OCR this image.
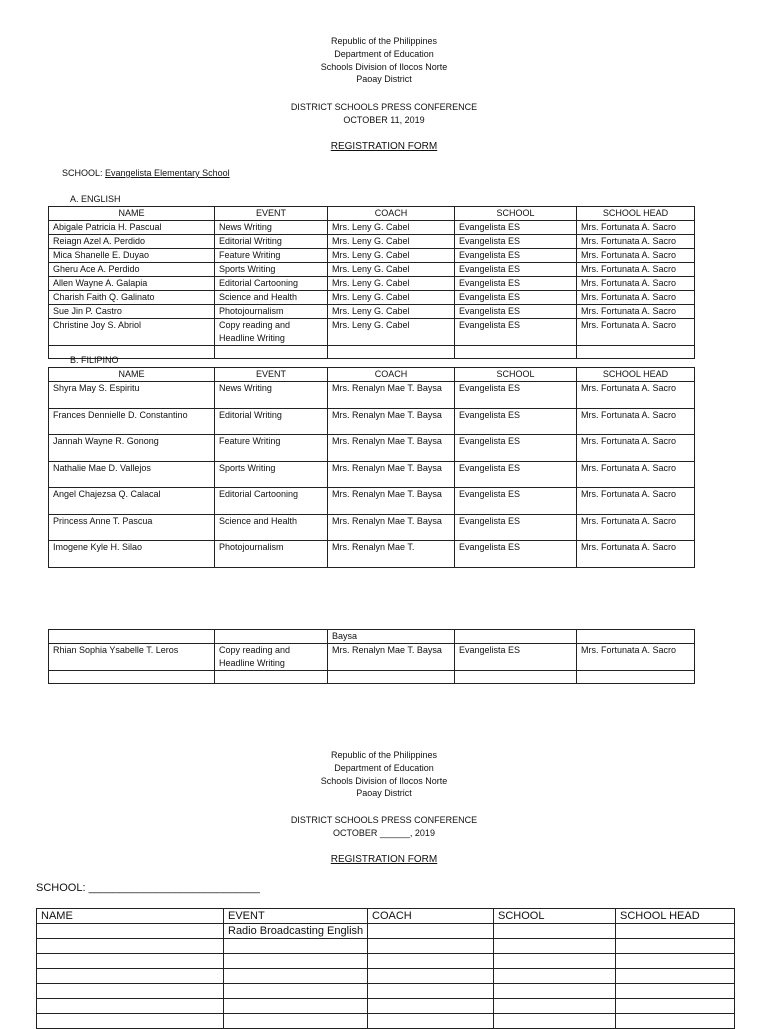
Republic of the Philippines
Department of Education
Schools Division of Ilocos Norte
Paoay District
DISTRICT SCHOOLS PRESS CONFERENCE
OCTOBER 11, 2019
REGISTRATION FORM
SCHOOL: Evangelista Elementary School
A. ENGLISH
NAME	EVENT	COACH	SCHOOL	SCHOOL HEAD
Abigale Patricia H. Pascual	News Writing	Mrs. Leny G. Cabel	Evangelista ES	Mrs. Fortunata A. Sacro
Reiagn Azel A. Perdido	Editorial Writing	Mrs. Leny G. Cabel	Evangelista ES	Mrs. Fortunata A. Sacro
Mica Shanelle E. Duyao	Feature Writing	Mrs. Leny G. Cabel	Evangelista ES	Mrs. Fortunata A. Sacro
Gheru Ace A. Perdido	Sports Writing	Mrs. Leny G. Cabel	Evangelista ES	Mrs. Fortunata A. Sacro
Allen Wayne A. Galapia	Editorial Cartooning	Mrs. Leny G. Cabel	Evangelista ES	Mrs. Fortunata A. Sacro
Charish Faith Q. Galinato	Science and Health	Mrs. Leny G. Cabel	Evangelista ES	Mrs. Fortunata A. Sacro
Sue Jin P. Castro	Photojournalism	Mrs. Leny G. Cabel	Evangelista ES	Mrs. Fortunata A. Sacro
Christine Joy S. Abriol	Copy reading and Headline Writing	Mrs. Leny G. Cabel	Evangelista ES	Mrs. Fortunata A. Sacro

B. FILIPINO
NAME	EVENT	COACH	SCHOOL	SCHOOL HEAD
Shyra May S. Espiritu	News Writing	Mrs. Renalyn Mae T. Baysa	Evangelista ES	Mrs. Fortunata A. Sacro
Frances Dennielle D. Constantino	Editorial Writing	Mrs. Renalyn Mae T. Baysa	Evangelista ES	Mrs. Fortunata A. Sacro
Jannah Wayne R. Gonong	Feature Writing	Mrs. Renalyn Mae T. Baysa	Evangelista ES	Mrs. Fortunata A. Sacro
Nathalie Mae D. Vallejos	Sports Writing	Mrs. Renalyn Mae T. Baysa	Evangelista ES	Mrs. Fortunata A. Sacro
Angel Chajezsa Q. Calacal	Editorial Cartooning	Mrs. Renalyn Mae T. Baysa	Evangelista ES	Mrs. Fortunata A. Sacro
Princess Anne T. Pascua	Science and Health	Mrs. Renalyn Mae T. Baysa	Evangelista ES	Mrs. Fortunata A. Sacro
Imogene Kyle H. Silao	Photojournalism	Mrs. Renalyn Mae T.	Evangelista ES	Mrs. Fortunata A. Sacro
		Baysa		
Rhian Sophia Ysabelle T. Leros	Copy reading and Headline Writing	Mrs. Renalyn Mae T. Baysa	Evangelista ES	Mrs. Fortunata A. Sacro

Republic of the Philippines
Department of Education
Schools Division of Ilocos Norte
Paoay District
DISTRICT SCHOOLS PRESS CONFERENCE
OCTOBER ______, 2019
REGISTRATION FORM
SCHOOL: ____________________________
NAME	EVENT	COACH	SCHOOL	SCHOOL HEAD
	Radio Broadcasting English			
